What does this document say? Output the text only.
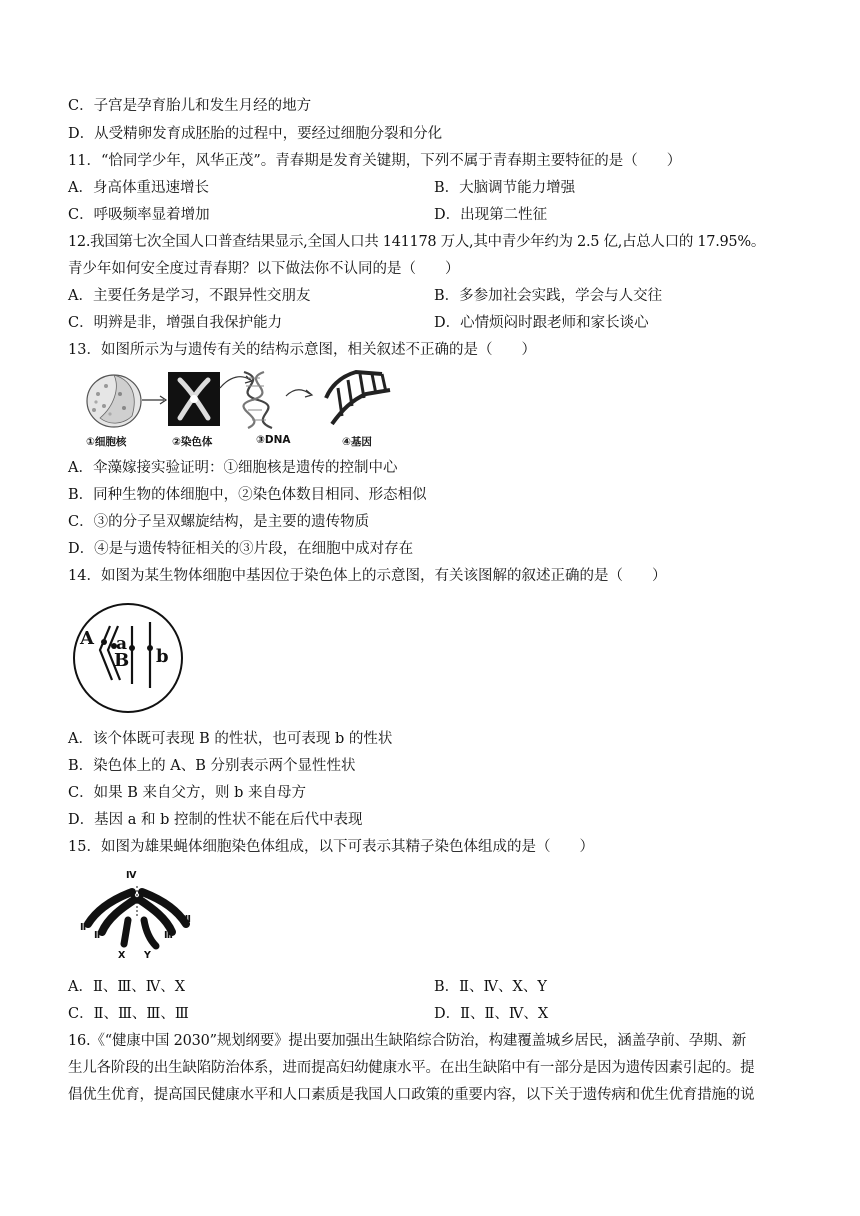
C．子宫是孕育胎儿和发生月经的地方
D．从受精卵发育成胚胎的过程中，要经过细胞分裂和分化
11．“恰同学少年，风华正茂”。青春期是发育关键期，下列不属于青春期主要特征的是（　　）
A．身高体重迅速增长	B．大脑调节能力增强
C．呼吸频率显着增加	D．出现第二性征
12.我国第七次全国人口普查结果显示,全国人口共 141178 万人,其中青少年约为 2.5 亿,占总人口的 17.95%。
青少年如何安全度过青春期？以下做法你不认同的是（　　）
A．主要任务是学习，不跟异性交朋友	B．多参加社会实践，学会与人交往
C．明辨是非，增强自我保护能力	D．心情烦闷时跟老师和家长谈心
13．如图所示为与遗传有关的结构示意图，相关叙述不正确的是（　　）
①细胞核	②染色体	③DNA	④基因
A．伞藻嫁接实验证明：①细胞核是遗传的控制中心
B．同种生物的体细胞中，②染色体数目相同、形态相似
C．③的分子呈双螺旋结构，是主要的遗传物质
D．④是与遗传特征相关的③片段，在细胞中成对存在
14．如图为某生物体细胞中基因位于染色体上的示意图，有关该图解的叙述正确的是（　　）
A a
B b
A．该个体既可表现 B 的性状，也可表现 b 的性状
B．染色体上的 A、B 分别表示两个显性性状
C．如果 B 来自父方，则 b 来自母方
D．基因 a 和 b 控制的性状不能在后代中表现
15．如图为雄果蝇体细胞染色体组成，以下可表示其精子染色体组成的是（　　）
Ⅳ
Ⅱ
Ⅱ
Ⅲ
Ⅲ
X Y
A．Ⅱ、Ⅲ、Ⅳ、X	B．Ⅱ、Ⅳ、X、Y
C．Ⅱ、Ⅲ、Ⅲ、Ⅲ	D．Ⅱ、Ⅱ、Ⅳ、X
16.《“健康中国 2030”规划纲要》提出要加强出生缺陷综合防治，构建覆盖城乡居民，涵盖孕前、孕期、新
生儿各阶段的出生缺陷防治体系，进而提高妇幼健康水平。在出生缺陷中有一部分是因为遗传因素引起的。提
倡优生优育，提高国民健康水平和人口素质是我国人口政策的重要内容，以下关于遗传病和优生优育措施的说
